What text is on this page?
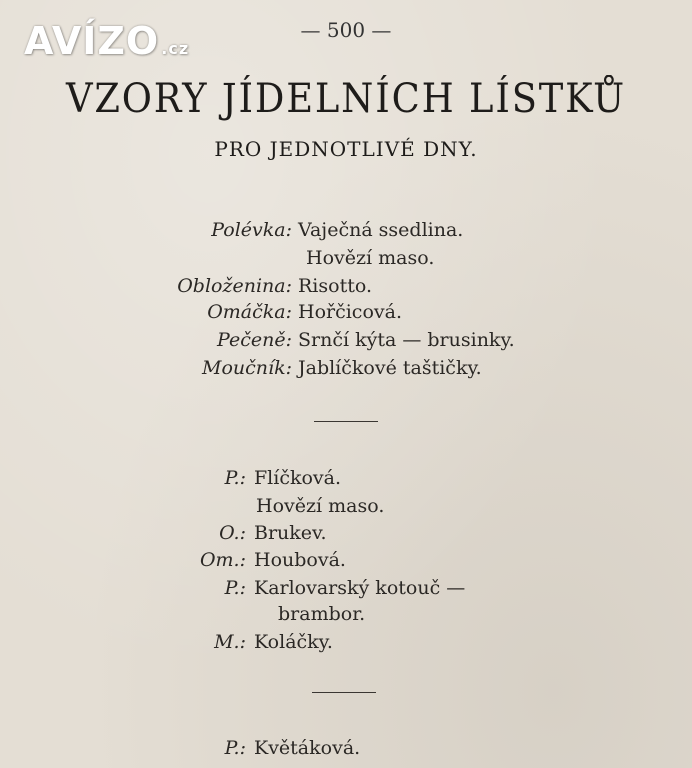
AVÍZO .cz
— 500 —
VZORY JÍDELNÍCH LÍSTKŮ
PRO JEDNOTLIVÉ DNY.
Polévka: Vaječná ssedlina.
Hovězí maso.
Obloženina: Risotto.
Omáčka: Hořčicová.
Pečeně: Srnčí kýta — brusinky.
Moučník: Jablíčkové taštičky.
P.: Flíčková.
Hovězí maso.
O.: Brukev.
Om.: Houbová.
P.: Karlovarský kotouč —
brambor.
M.: Koláčky.
P.: Květáková.
